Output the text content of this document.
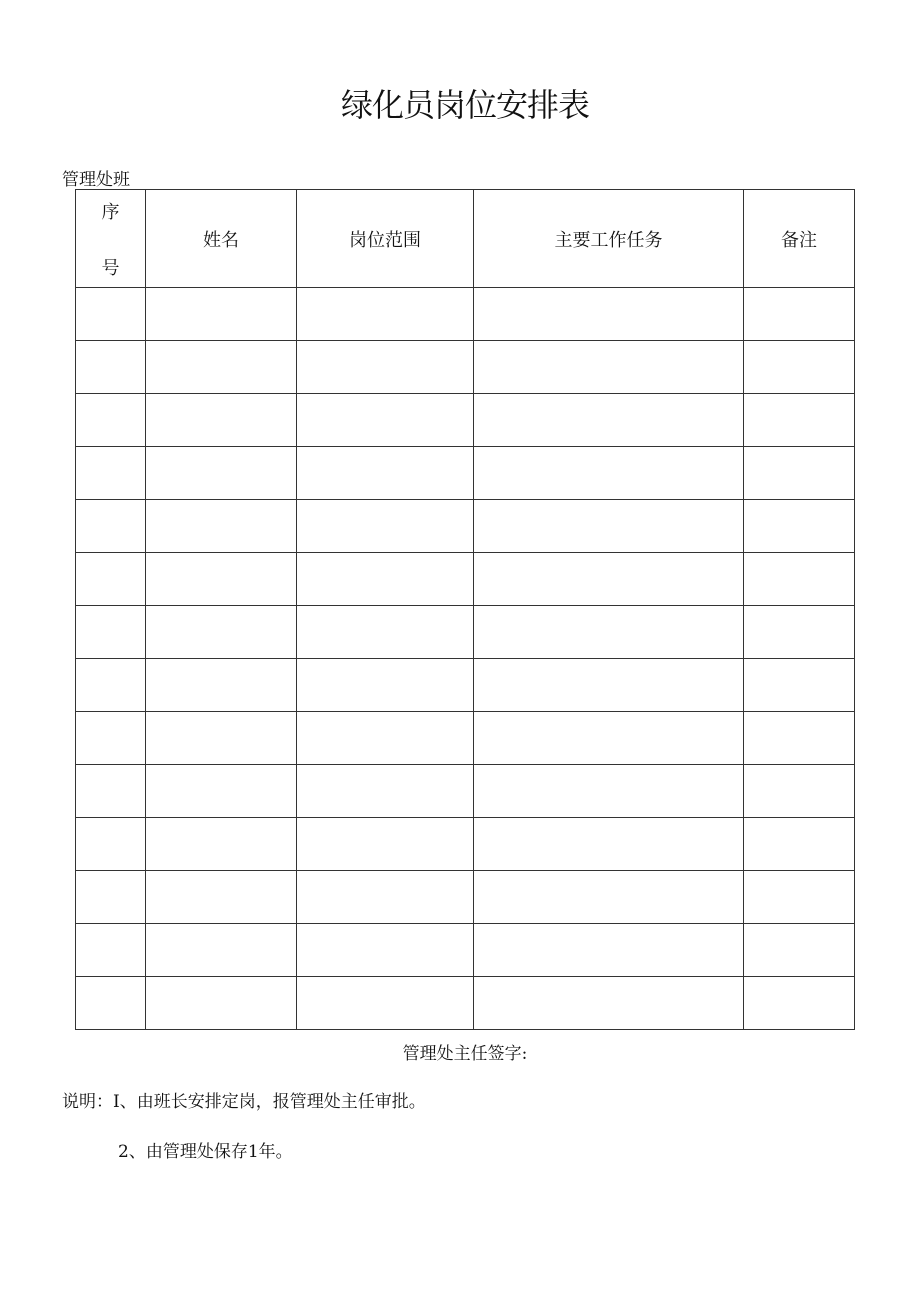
绿化员岗位安排表
管理处班
序
号	姓名	岗位范围	主要工作任务	备注

管理处主任签字:
说明：I、由班长安排定岗，报管理处主任审批。
2、由管理处保存1年。
